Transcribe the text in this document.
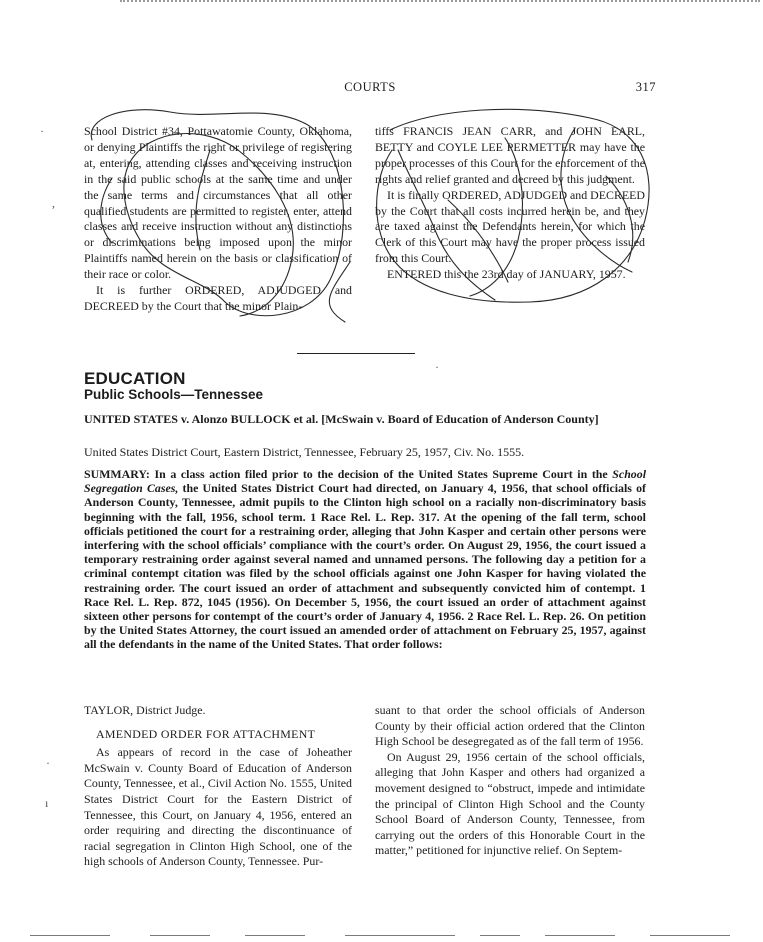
COURTS	317

School District #34, Pottawatomie County, Oklahoma, or denying Plaintiffs the right or privilege of registering at, entering, attending classes and receiving instruction in the said public schools at the same time and under the same terms and circumstances that all other qualified students are permitted to register, enter, attend classes and receive instruction without any distinctions or discriminations being imposed upon the minor Plaintiffs named herein on the basis or classification of their race or color.

It is further ORDERED, ADJUDGED and DECREED by the Court that the minor Plain-

tiffs FRANCIS JEAN CARR, and JOHN EARL, BETTY and COYLE LEE PERMETTER may have the proper processes of this Court for the enforcement of the rights and relief granted and decreed by this judgment.

It is finally ORDERED, ADJUDGED and DECREED by the Court that all costs incurred herein be, and they are taxed against the Defendants herein, for which the Clerk of this Court may have the proper process issued from this Court.

ENTERED this the 23rd day of JANUARY, 1957.

EDUCATION
Public Schools—Tennessee
UNITED STATES v. Alonzo BULLOCK et al. [McSwain v. Board of Education of Anderson County]
United States District Court, Eastern District, Tennessee, February 25, 1957, Civ. No. 1555.
SUMMARY: In a class action filed prior to the decision of the United States Supreme Court in the School Segregation Cases, the United States District Court had directed, on January 4, 1956, that school officials of Anderson County, Tennessee, admit pupils to the Clinton high school on a racially non-discriminatory basis beginning with the fall, 1956, school term. 1 Race Rel. L. Rep. 317. At the opening of the fall term, school officials petitioned the court for a restraining order, alleging that John Kasper and certain other persons were interfering with the school officials’ compliance with the court’s order. On August 29, 1956, the court issued a temporary restraining order against several named and unnamed persons. The following day a petition for a criminal contempt citation was filed by the school officials against one John Kasper for having violated the restraining order. The court issued an order of attachment and subsequently convicted him of contempt. 1 Race Rel. L. Rep. 872, 1045 (1956). On December 5, 1956, the court issued an order of attachment against sixteen other persons for contempt of the court’s order of January 4, 1956. 2 Race Rel. L. Rep. 26. On petition by the United States Attorney, the court issued an amended order of attachment on February 25, 1957, against all the defendants in the name of the United States. That order follows:

TAYLOR, District Judge.

AMENDED ORDER FOR ATTACHMENT

As appears of record in the case of Joheather McSwain v. County Board of Education of Anderson County, Tennessee, et al., Civil Action No. 1555, United States District Court for the Eastern District of Tennessee, this Court, on January 4, 1956, entered an order requiring and directing the discontinuance of racial segregation in Clinton High School, one of the high schools of Anderson County, Tennessee. Pur-

suant to that order the school officials of Anderson County by their official action ordered that the Clinton High School be desegregated as of the fall term of 1956.

On August 29, 1956 certain of the school officials, alleging that John Kasper and others had organized a movement designed to “obstruct, impede and intimidate the principal of Clinton High School and the County School Board of Anderson County, Tennessee, from carrying out the orders of this Honorable Court in the matter,” petitioned for injunctive relief. On Septem-

·
,
·
ı
·
